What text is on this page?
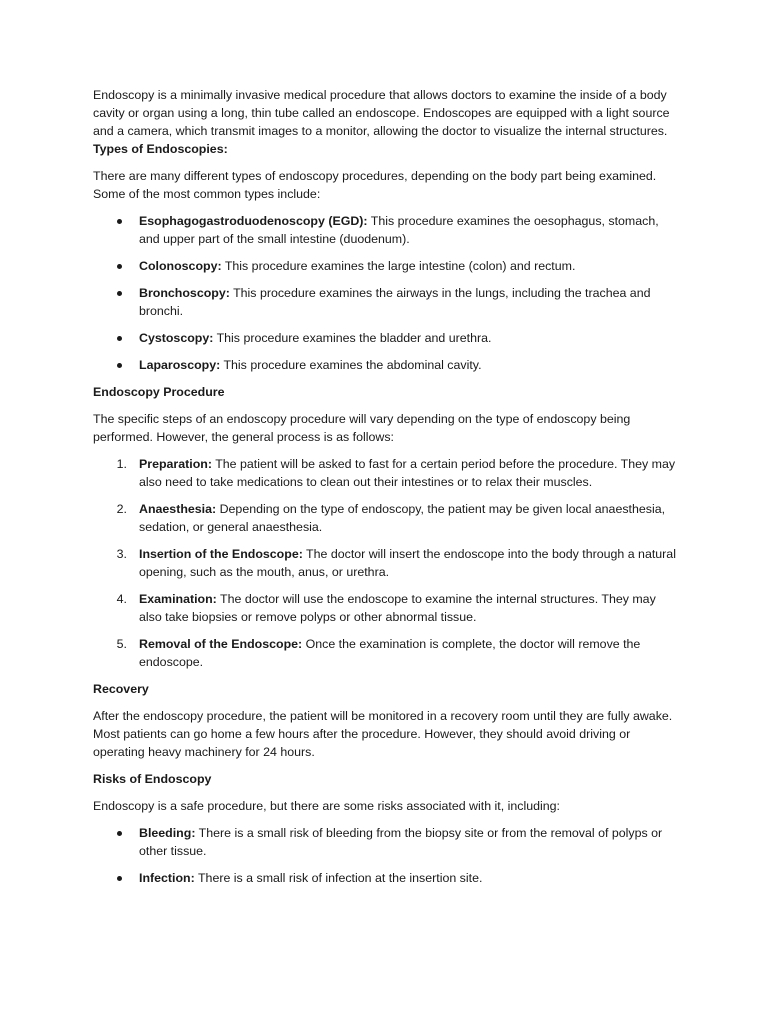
Endoscopy is a minimally invasive medical procedure that allows doctors to examine the inside of a body cavity or organ using a long, thin tube called an endoscope. Endoscopes are equipped with a light source and a camera, which transmit images to a monitor, allowing the doctor to visualize the internal structures.

Types of Endoscopies:

There are many different types of endoscopy procedures, depending on the body part being examined. Some of the most common types include:

Esophagogastroduodenoscopy (EGD): This procedure examines the oesophagus, stomach, and upper part of the small intestine (duodenum).
Colonoscopy: This procedure examines the large intestine (colon) and rectum.
Bronchoscopy: This procedure examines the airways in the lungs, including the trachea and bronchi.
Cystoscopy: This procedure examines the bladder and urethra.
Laparoscopy: This procedure examines the abdominal cavity.

Endoscopy Procedure

The specific steps of an endoscopy procedure will vary depending on the type of endoscopy being performed. However, the general process is as follows:

1. Preparation: The patient will be asked to fast for a certain period before the procedure. They may also need to take medications to clean out their intestines or to relax their muscles.
2. Anaesthesia: Depending on the type of endoscopy, the patient may be given local anaesthesia, sedation, or general anaesthesia.
3. Insertion of the Endoscope: The doctor will insert the endoscope into the body through a natural opening, such as the mouth, anus, or urethra.
4. Examination: The doctor will use the endoscope to examine the internal structures. They may also take biopsies or remove polyps or other abnormal tissue.
5. Removal of the Endoscope: Once the examination is complete, the doctor will remove the endoscope.

Recovery

After the endoscopy procedure, the patient will be monitored in a recovery room until they are fully awake. Most patients can go home a few hours after the procedure. However, they should avoid driving or operating heavy machinery for 24 hours.

Risks of Endoscopy

Endoscopy is a safe procedure, but there are some risks associated with it, including:

Bleeding: There is a small risk of bleeding from the biopsy site or from the removal of polyps or other tissue.
Infection: There is a small risk of infection at the insertion site.
